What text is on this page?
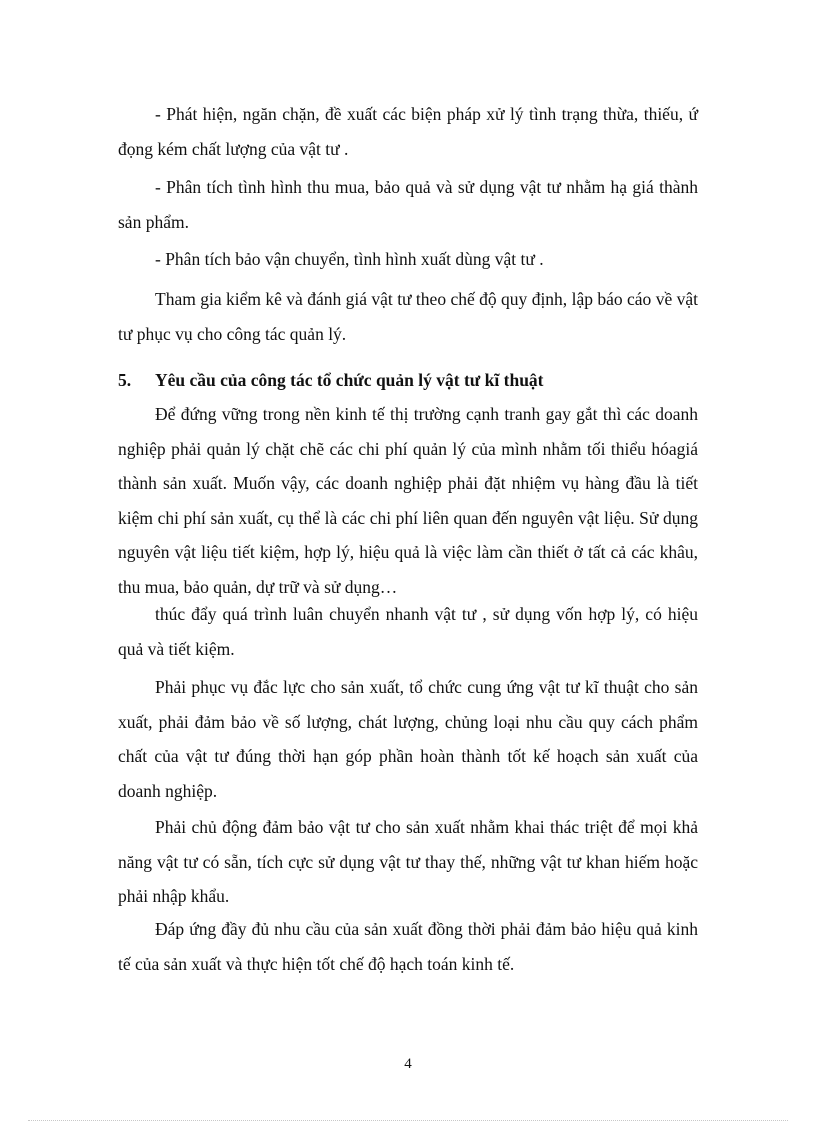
- Phát hiện, ngăn chặn, đề xuất các biện pháp xử lý tình trạng thừa, thiếu, ứ đọng kém chất lượng của vật tư .

- Phân tích tình hình thu mua, bảo quả và sử dụng vật tư nhằm hạ giá thành sản phẩm.

- Phân tích bảo vận chuyển, tình hình xuất dùng vật tư .

Tham gia kiểm kê và đánh giá vật tư theo chế độ quy định, lập báo cáo về vật tư phục vụ cho công tác quản lý.

5. Yêu cầu của công tác tổ chức quản lý vật tư kĩ thuật

Để đứng vững trong nền kinh tế thị trường cạnh tranh gay gắt thì các doanh nghiệp phải quản lý chặt chẽ các chi phí quản lý của mình nhằm tối thiểu hóagiá thành sản xuất. Muốn vậy, các doanh nghiệp phải đặt nhiệm vụ hàng đầu là tiết kiệm chi phí sản xuất, cụ thể là các chi phí liên quan đến nguyên vật liệu. Sử dụng nguyên vật liệu tiết kiệm, hợp lý, hiệu quả là việc làm cần thiết ở tất cả các khâu, thu mua, bảo quản, dự trữ và sử dụng…

thúc đẩy quá trình luân chuyển nhanh vật tư , sử dụng vốn hợp lý, có hiệu quả và tiết kiệm.

Phải phục vụ đắc lực cho sản xuất, tổ chức cung ứng vật tư kĩ thuật cho sản xuất, phải đảm bảo về số lượng, chát lượng, chủng loại nhu cầu quy cách phẩm chất của vật tư đúng thời hạn góp phần hoàn thành tốt kế hoạch sản xuất của doanh nghiệp.

Phải chủ động đảm bảo vật tư cho sản xuất nhằm khai thác triệt để mọi khả năng vật tư có sẵn, tích cực sử dụng vật tư thay thế, những vật tư khan hiếm hoặc phải nhập khẩu.

Đáp ứng đầy đủ nhu cầu của sản xuất đồng thời phải đảm bảo hiệu quả kinh tế của sản xuất và thực hiện tốt chế độ hạch toán kinh tế.

4
